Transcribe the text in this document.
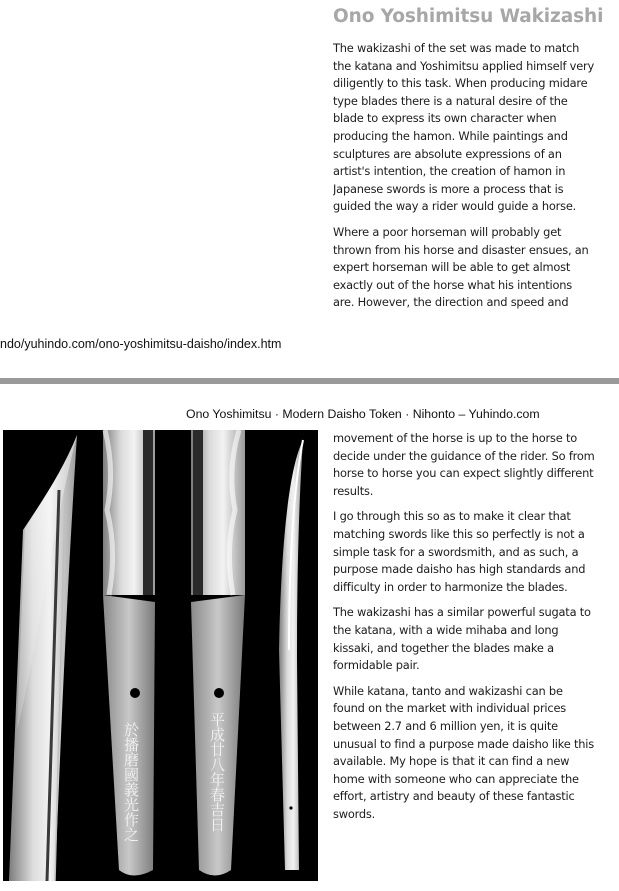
Ono Yoshimitsu Wakizashi

The wakizashi of the set was made to match the katana and Yoshimitsu applied himself very diligently to this task. When producing midare type blades there is a natural desire of the blade to express its own character when producing the hamon. While paintings and sculptures are absolute expressions of an artist's intention, the creation of hamon in Japanese swords is more a process that is guided the way a rider would guide a horse.

Where a poor horseman will probably get thrown from his horse and disaster ensues, an expert horseman will be able to get almost exactly out of the horse what his intentions are. However, the direction and speed and

ndo/yuhindo.com/ono-yoshimitsu-daisho/index.htm
Ono Yoshimitsu · Modern Daisho Token · Nihonto – Yuhindo.com
於播磨國義光作之	平成廿八年春吉日

movement of the horse is up to the horse to decide under the guidance of the rider. So from horse to horse you can expect slightly different results.

I go through this so as to make it clear that matching swords like this so perfectly is not a simple task for a swordsmith, and as such, a purpose made daisho has high standards and difficulty in order to harmonize the blades.

The wakizashi has a similar powerful sugata to the katana, with a wide mihaba and long kissaki, and together the blades make a formidable pair.

While katana, tanto and wakizashi can be found on the market with individual prices between 2.7 and 6 million yen, it is quite unusual to find a purpose made daisho like this available. My hope is that it can find a new home with someone who can appreciate the effort, artistry and beauty of these fantastic swords.
